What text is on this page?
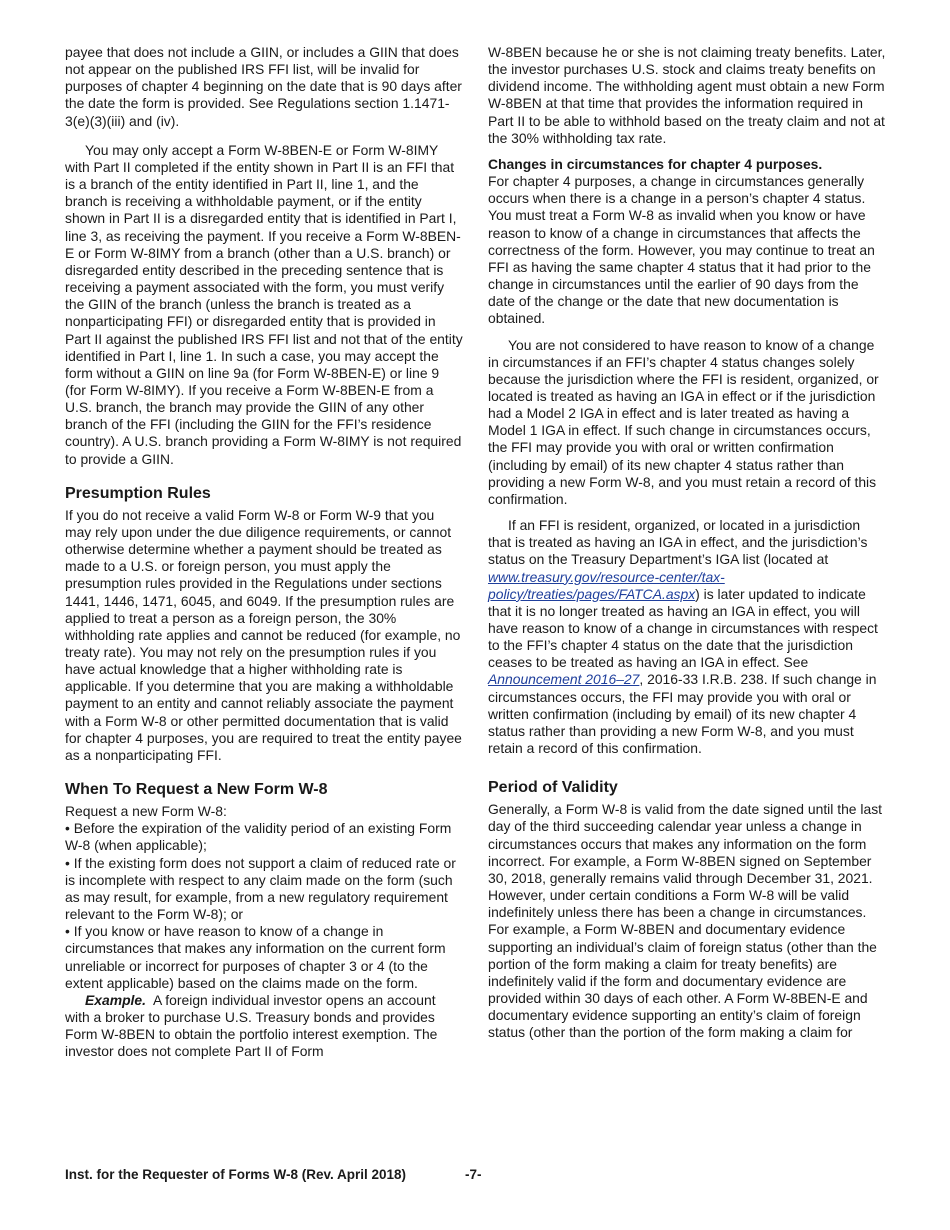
payee that does not include a GIIN, or includes a GIIN that does not appear on the published IRS FFI list, will be invalid for purposes of chapter 4 beginning on the date that is 90 days after the date the form is provided. See Regulations section 1.1471-3(e)(3)(iii) and (iv).

You may only accept a Form W-8BEN-E or Form W-8IMY with Part II completed if the entity shown in Part II is an FFI that is a branch of the entity identified in Part II, line 1, and the branch is receiving a withholdable payment, or if the entity shown in Part II is a disregarded entity that is identified in Part I, line 3, as receiving the payment. If you receive a Form W-8BEN-E or Form W-8IMY from a branch (other than a U.S. branch) or disregarded entity described in the preceding sentence that is receiving a payment associated with the form, you must verify the GIIN of the branch (unless the branch is treated as a nonparticipating FFI) or disregarded entity that is provided in Part II against the published IRS FFI list and not that of the entity identified in Part I, line 1. In such a case, you may accept the form without a GIIN on line 9a (for Form W-8BEN-E) or line 9 (for Form W-8IMY). If you receive a Form W-8BEN-E from a U.S. branch, the branch may provide the GIIN of any other branch of the FFI (including the GIIN for the FFI’s residence country). A U.S. branch providing a Form W-8IMY is not required to provide a GIIN.

Presumption Rules

If you do not receive a valid Form W-8 or Form W-9 that you may rely upon under the due diligence requirements, or cannot otherwise determine whether a payment should be treated as made to a U.S. or foreign person, you must apply the presumption rules provided in the Regulations under sections 1441, 1446, 1471, 6045, and 6049. If the presumption rules are applied to treat a person as a foreign person, the 30% withholding rate applies and cannot be reduced (for example, no treaty rate). You may not rely on the presumption rules if you have actual knowledge that a higher withholding rate is applicable. If you determine that you are making a withholdable payment to an entity and cannot reliably associate the payment with a Form W-8 or other permitted documentation that is valid for chapter 4 purposes, you are required to treat the entity payee as a nonparticipating FFI.

When To Request a New Form W-8

Request a new Form W-8:

• Before the expiration of the validity period of an existing Form W-8 (when applicable);
• If the existing form does not support a claim of reduced rate or is incomplete with respect to any claim made on the form (such as may result, for example, from a new regulatory requirement relevant to the Form W-8); or
• If you know or have reason to know of a change in circumstances that makes any information on the current form unreliable or incorrect for purposes of chapter 3 or 4 (to the extent applicable) based on the claims made on the form.

Example. A foreign individual investor opens an account with a broker to purchase U.S. Treasury bonds and provides Form W-8BEN to obtain the portfolio interest exemption. The investor does not complete Part II of Form

W-8BEN because he or she is not claiming treaty benefits. Later, the investor purchases U.S. stock and claims treaty benefits on dividend income. The withholding agent must obtain a new Form W-8BEN at that time that provides the information required in Part II to be able to withhold based on the treaty claim and not at the 30% withholding tax rate.

Changes in circumstances for chapter 4 purposes.

For chapter 4 purposes, a change in circumstances generally occurs when there is a change in a person’s chapter 4 status. You must treat a Form W-8 as invalid when you know or have reason to know of a change in circumstances that affects the correctness of the form. However, you may continue to treat an FFI as having the same chapter 4 status that it had prior to the change in circumstances until the earlier of 90 days from the date of the change or the date that new documentation is obtained.

You are not considered to have reason to know of a change in circumstances if an FFI’s chapter 4 status changes solely because the jurisdiction where the FFI is resident, organized, or located is treated as having an IGA in effect or if the jurisdiction had a Model 2 IGA in effect and is later treated as having a Model 1 IGA in effect. If such change in circumstances occurs, the FFI may provide you with oral or written confirmation (including by email) of its new chapter 4 status rather than providing a new Form W-8, and you must retain a record of this confirmation.

If an FFI is resident, organized, or located in a jurisdiction that is treated as having an IGA in effect, and the jurisdiction’s status on the Treasury Department’s IGA list (located at www.treasury.gov/resource-center/tax-policy/treaties/pages/FATCA.aspx) is later updated to indicate that it is no longer treated as having an IGA in effect, you will have reason to know of a change in circumstances with respect to the FFI’s chapter 4 status on the date that the jurisdiction ceases to be treated as having an IGA in effect. See Announcement 2016–27, 2016-33 I.R.B. 238. If such change in circumstances occurs, the FFI may provide you with oral or written confirmation (including by email) of its new chapter 4 status rather than providing a new Form W-8, and you must retain a record of this confirmation.

Period of Validity

Generally, a Form W-8 is valid from the date signed until the last day of the third succeeding calendar year unless a change in circumstances occurs that makes any information on the form incorrect. For example, a Form W-8BEN signed on September 30, 2018, generally remains valid through December 31, 2021. However, under certain conditions a Form W-8 will be valid indefinitely unless there has been a change in circumstances. For example, a Form W-8BEN and documentary evidence supporting an individual’s claim of foreign status (other than the portion of the form making a claim for treaty benefits) are indefinitely valid if the form and documentary evidence are provided within 30 days of each other. A Form W-8BEN-E and documentary evidence supporting an entity’s claim of foreign status (other than the portion of the form making a claim for

Inst. for the Requester of Forms W-8 (Rev. April 2018)	-7-
